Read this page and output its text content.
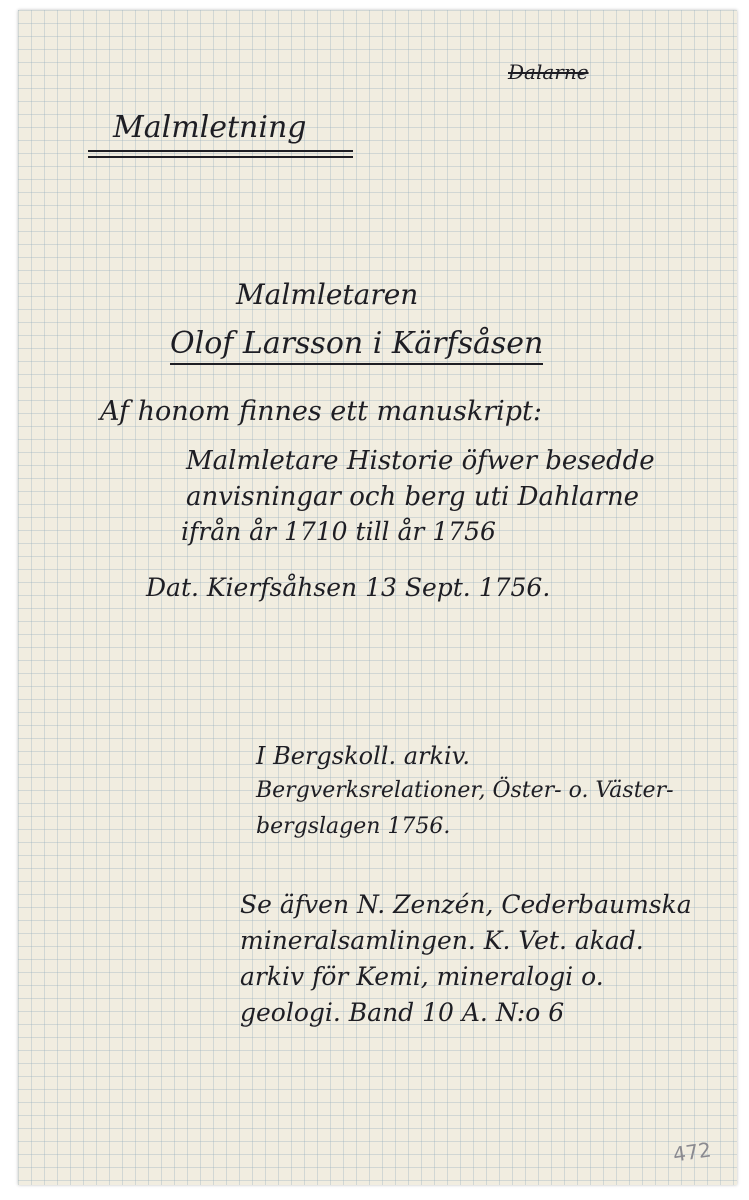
Dalarne
Malmletning
Malmletaren
Olof Larsson i Kärfsåsen
Af honom finnes ett manuskript:
Malmletare Historie öfwer besedde
anvisningar och berg uti Dahlarne
ifrån år 1710 till år 1756
Dat. Kierfsåhsen 13 Sept. 1756.
I Bergskoll. arkiv.
Bergverksrelationer, Öster- o. Väster-
bergslagen 1756.
Se äfven N. Zenzén, Cederbaumska
mineralsamlingen. K. Vet. akad.
arkiv för Kemi, mineralogi o.
geologi. Band 10 A. N:o 6
472
